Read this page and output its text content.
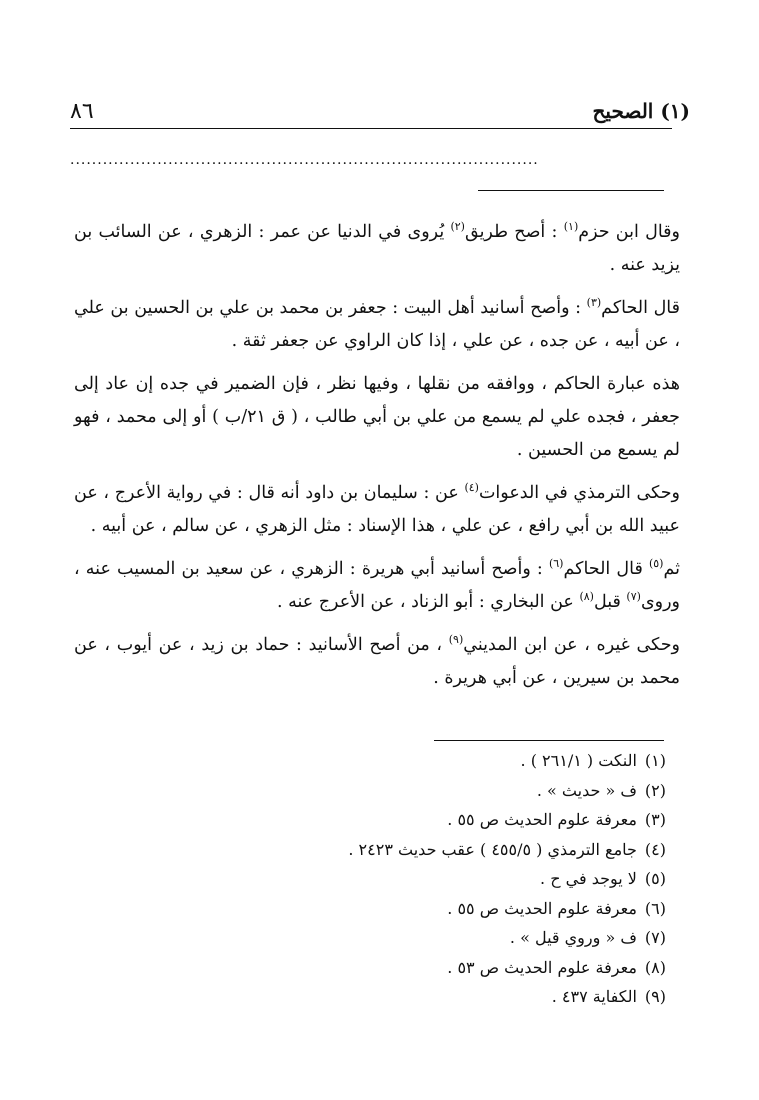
٨٦	(١) الصحيح
......................................................................................

وقال ابن حزم$^{(١)}$ : أصح طريق$^{(٢)}$ يُروى في الدنيا عن عمر : الزهري ، عن السائب بن يزيد عنه .

قال الحاكم$^{(٣)}$ : وأصح أسانيد أهل البيت : جعفر بن محمد بن علي بن الحسين بن علي ، عن أبيه ، عن جده ، عن علي ، إذا كان الراوي عن جعفر ثقة .

هذه عبارة الحاكم ، ووافقه من نقلها ، وفيها نظر ، فإن الضمير في جده إن عاد إلى جعفر ، فجده علي لم يسمع من علي بن أبي طالب ، ( ق ٢١/ب ) أو إلى محمد ، فهو لم يسمع من الحسين .

وحكى الترمذي في الدعوات$^{(٤)}$ عن : سليمان بن داود أنه قال : في رواية الأعرج ، عن عبيد الله بن أبي رافع ، عن علي ، هذا الإسناد : مثل الزهري ، عن سالم ، عن أبيه .

ثم$^{(٥)}$ قال الحاكم$^{(٦)}$ : وأصح أسانيد أبي هريرة : الزهري ، عن سعيد بن المسيب عنه ، وروى$^{(٧)}$ قبل$^{(٨)}$ عن البخاري : أبو الزناد ، عن الأعرج عنه .

وحكى غيره ، عن ابن المديني$^{(٩)}$ ، من أصح الأسانيد : حماد بن زيد ، عن أيوب ، عن محمد بن سيرين ، عن أبي هريرة .

(١)النكت ( ٢٦١/١ ) .
(٢)ف « حديث » .
(٣)معرفة علوم الحديث ص ٥٥ .
(٤)جامع الترمذي ( ٤٥٥/٥ ) عقب حديث ٢٤٢٣ .
(٥)لا يوجد في ح .
(٦)معرفة علوم الحديث ص ٥٥ .
(٧)ف « وروي قيل » .
(٨)معرفة علوم الحديث ص ٥٣ .
(٩)الكفاية ٤٣٧ .
